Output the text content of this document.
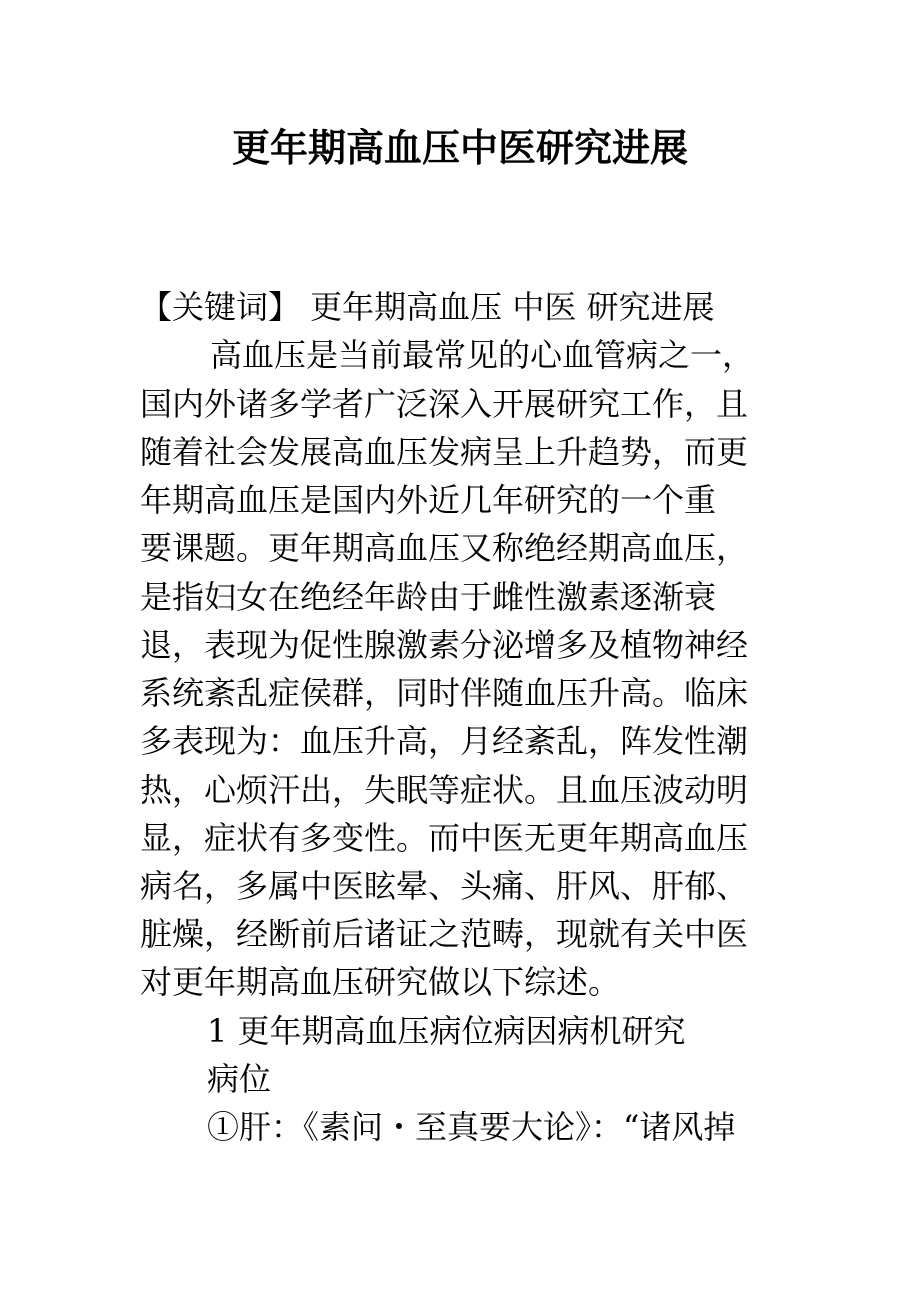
更年期高血压中医研究进展

【关键词】 更年期高血压 中医 研究进展

高血压是当前最常见的心血管病之一，

国内外诸多学者广泛深入开展研究工作，且

随着社会发展高血压发病呈上升趋势，而更

年期高血压是国内外近几年研究的一个重

要课题。更年期高血压又称绝经期高血压，

是指妇女在绝经年龄由于雌性激素逐渐衰

退，表现为促性腺激素分泌增多及植物神经

系统紊乱症侯群，同时伴随血压升高。临床

多表现为：血压升高，月经紊乱，阵发性潮

热，心烦汗出，失眠等症状。且血压波动明

显，症状有多变性。而中医无更年期高血压

病名，多属中医眩晕、头痛、肝风、肝郁、

脏燥，经断前后诸证之范畴，现就有关中医

对更年期高血压研究做以下综述。

1 更年期高血压病位病因病机研究

病位

①肝：《素问・至真要大论》：“诸风掉
